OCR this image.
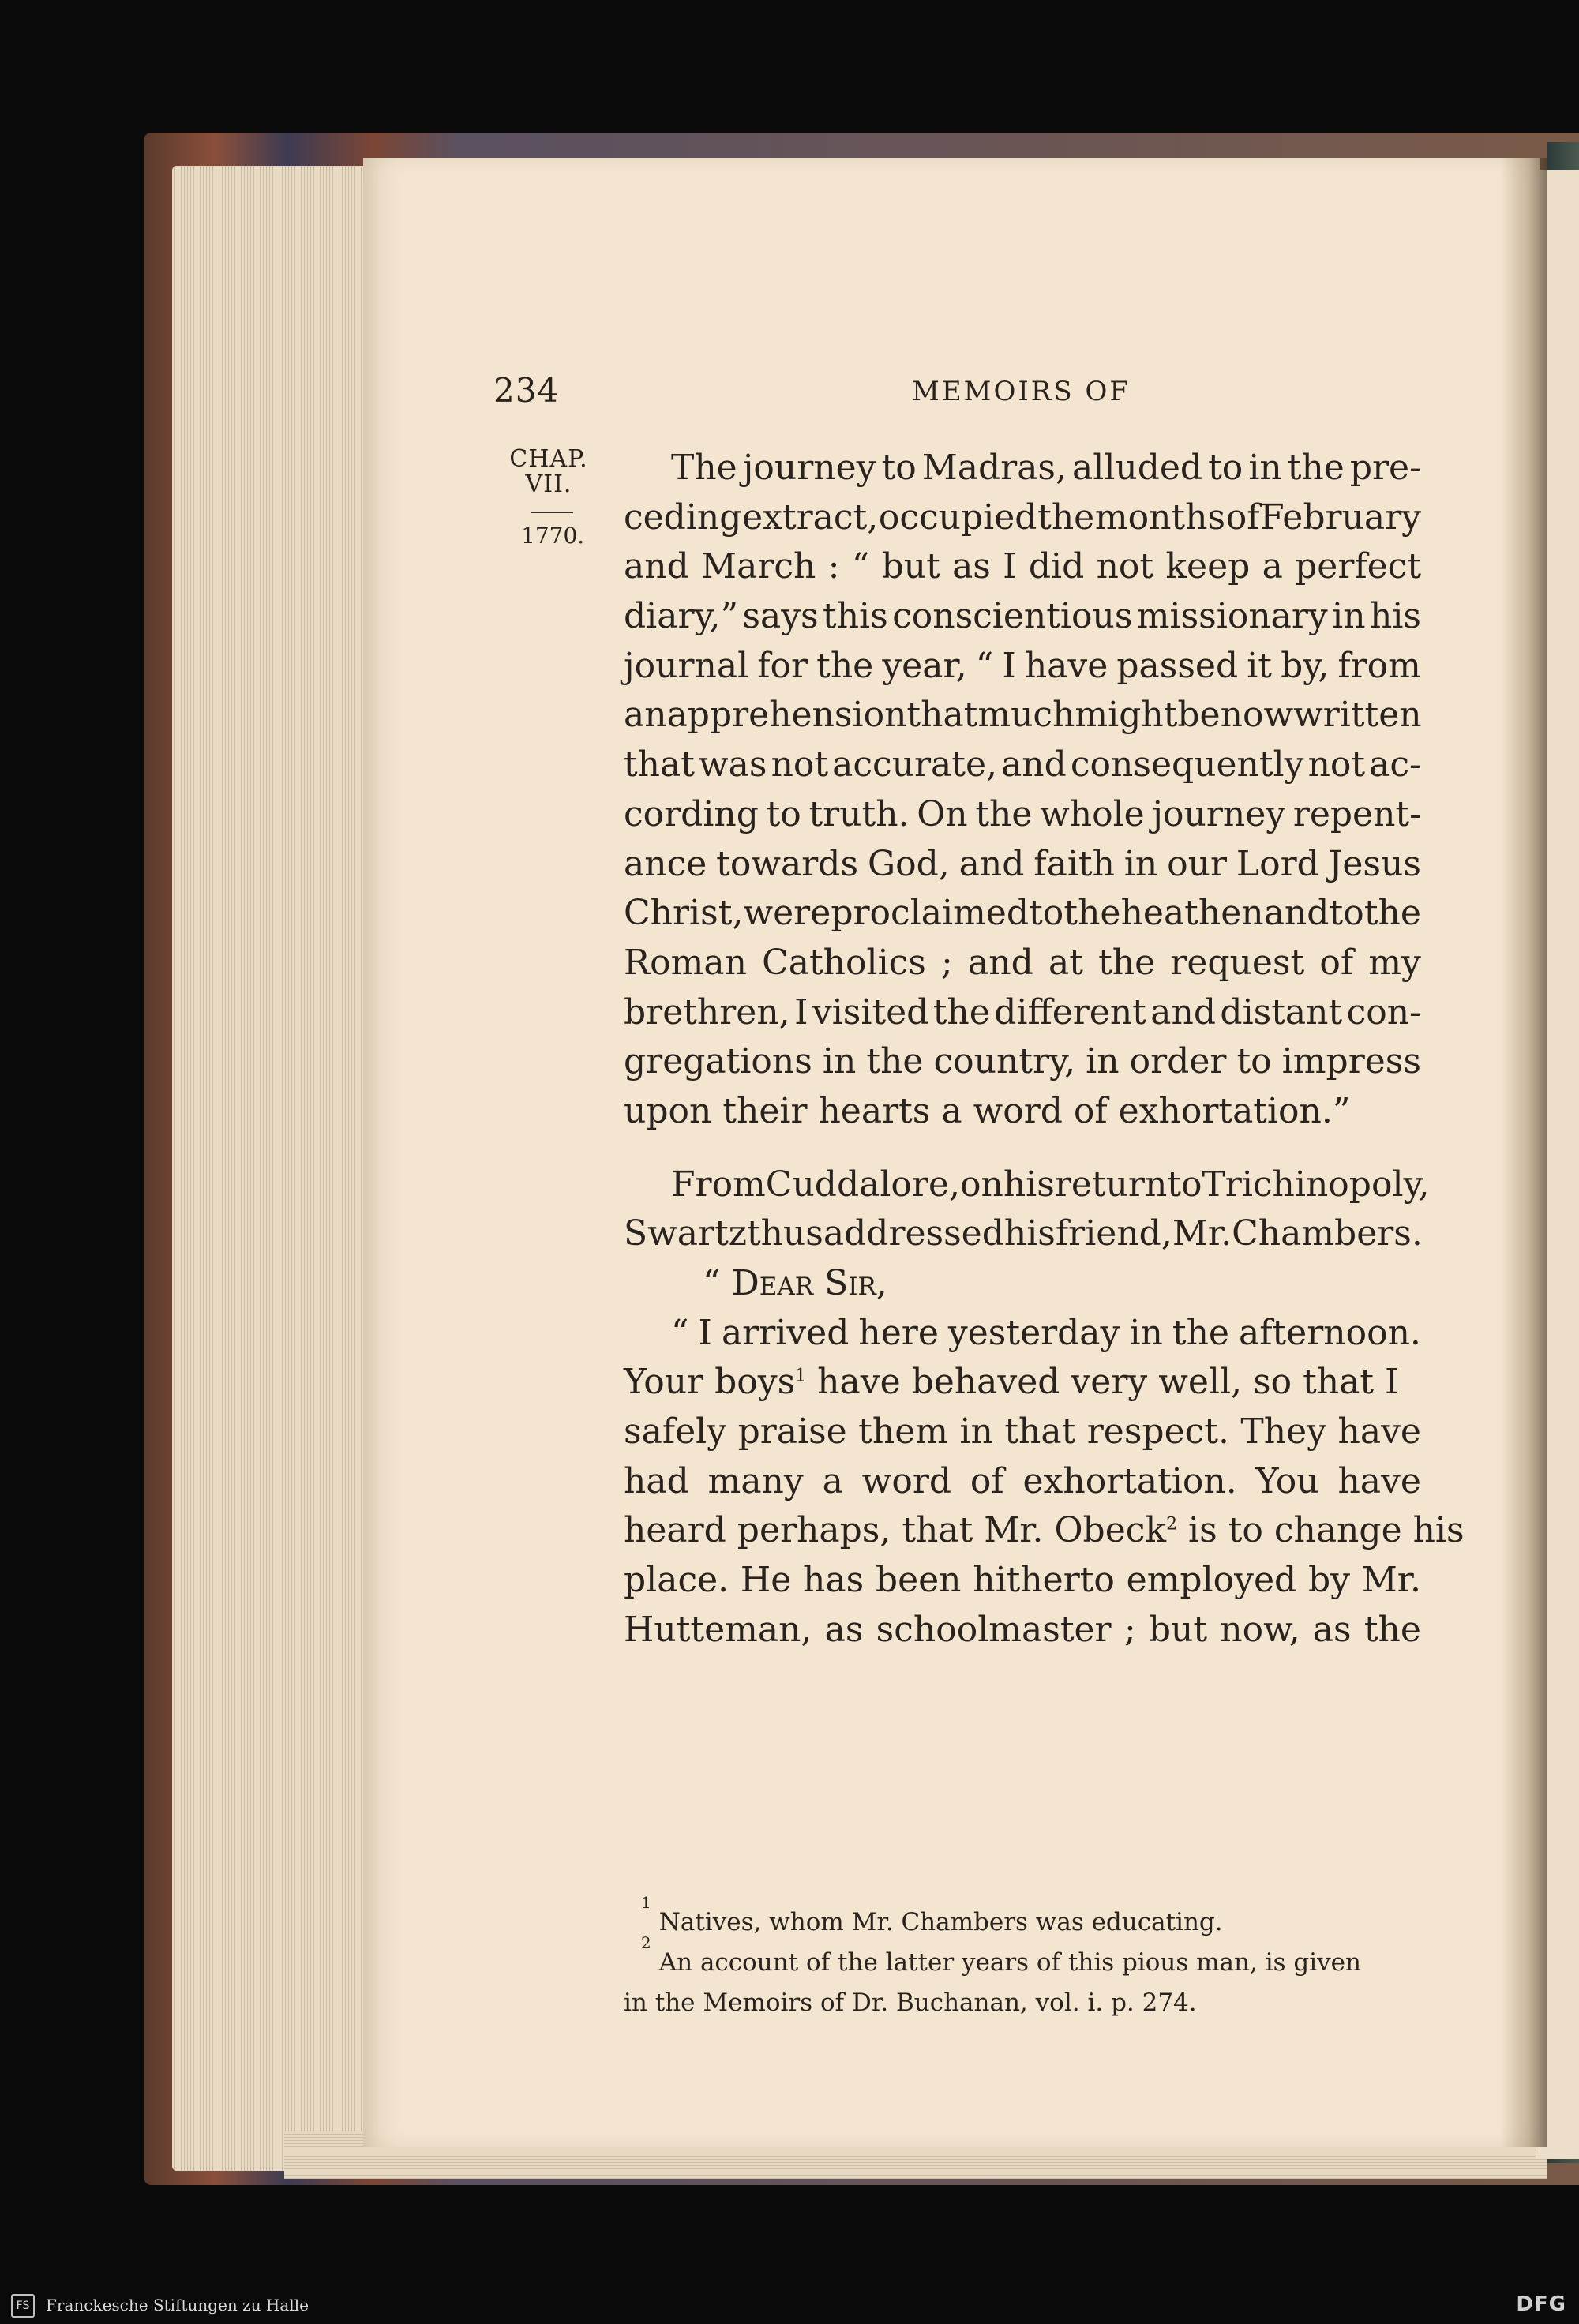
234	MEMOIRS OF
CHAP.
VII.
1770.
The journey to Madras, alluded to in the pre-
ceding extract, occupied the months of February
and March : “ but as I did not keep a perfect
diary,” says this conscientious missionary in his
journal for the year, “ I have passed it by, from
an apprehension that much might be now written
that was not accurate, and consequently not ac-
cording to truth. On the whole journey repent-
ance towards God, and faith in our Lord Jesus
Christ, were proclaimed to the heathen and to the
Roman Catholics ; and at the request of my
brethren, I visited the different and distant con-
gregations in the country, in order to impress
upon their hearts a word of exhortation.”
From Cuddalore, on his return to Trichinopoly,
Swartz thus addressed his friend, Mr. Chambers.
“ Dear Sir,
“ I arrived here yesterday in the afternoon.
Your boys$^1$ have behaved very well, so that I
safely praise them in that respect. They have
had many a word of exhortation. You have
heard perhaps, that Mr. Obeck$^2$ is to change his
place. He has been hitherto employed by Mr.
Hutteman, as schoolmaster ; but now, as the
1
Natives, whom Mr. Chambers was educating.
2
An account of the latter years of this pious man, is given
in the Memoirs of Dr. Buchanan, vol. i. p. 274.
FS	Franckesche Stiftungen zu Halle	DFG
